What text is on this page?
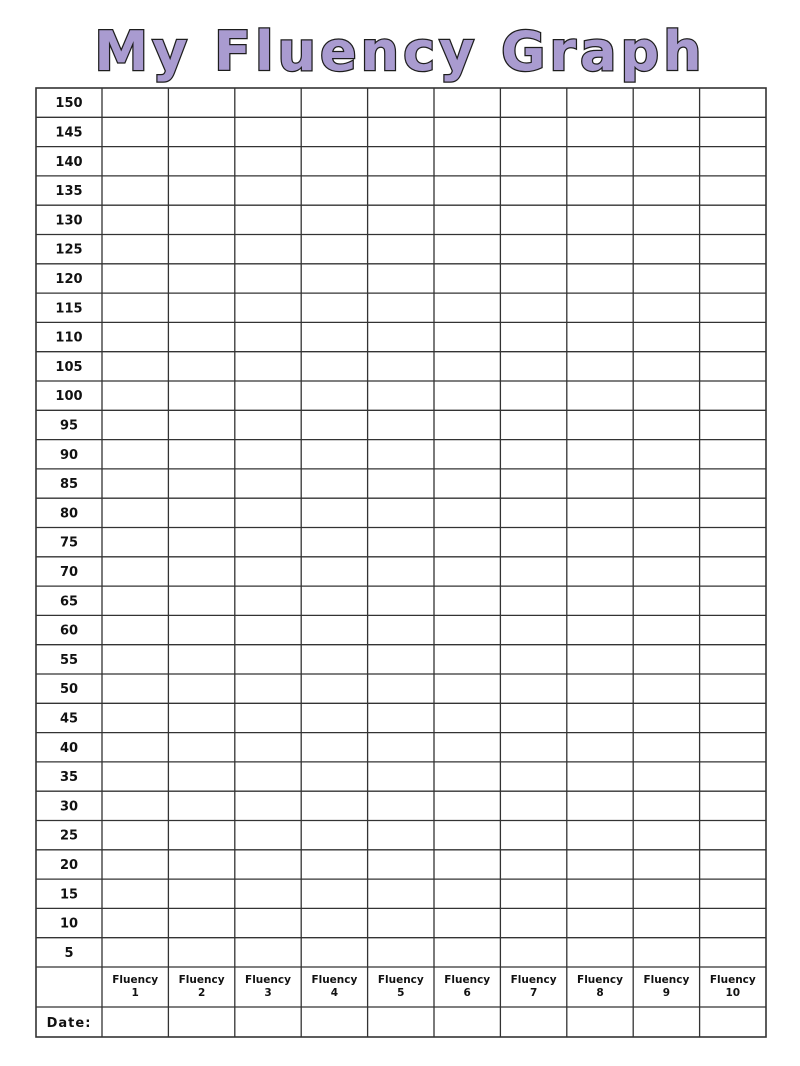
My Fluency Graph
150
145
140
135
130
125
120
115
110
105
100
95
90
85
80
75
70
65
60
55
50
45
40
35
30
25
20
15
10
5
Fluency
1
Fluency
2
Fluency
3
Fluency
4
Fluency
5
Fluency
6
Fluency
7
Fluency
8
Fluency
9
Fluency
10
Date:
